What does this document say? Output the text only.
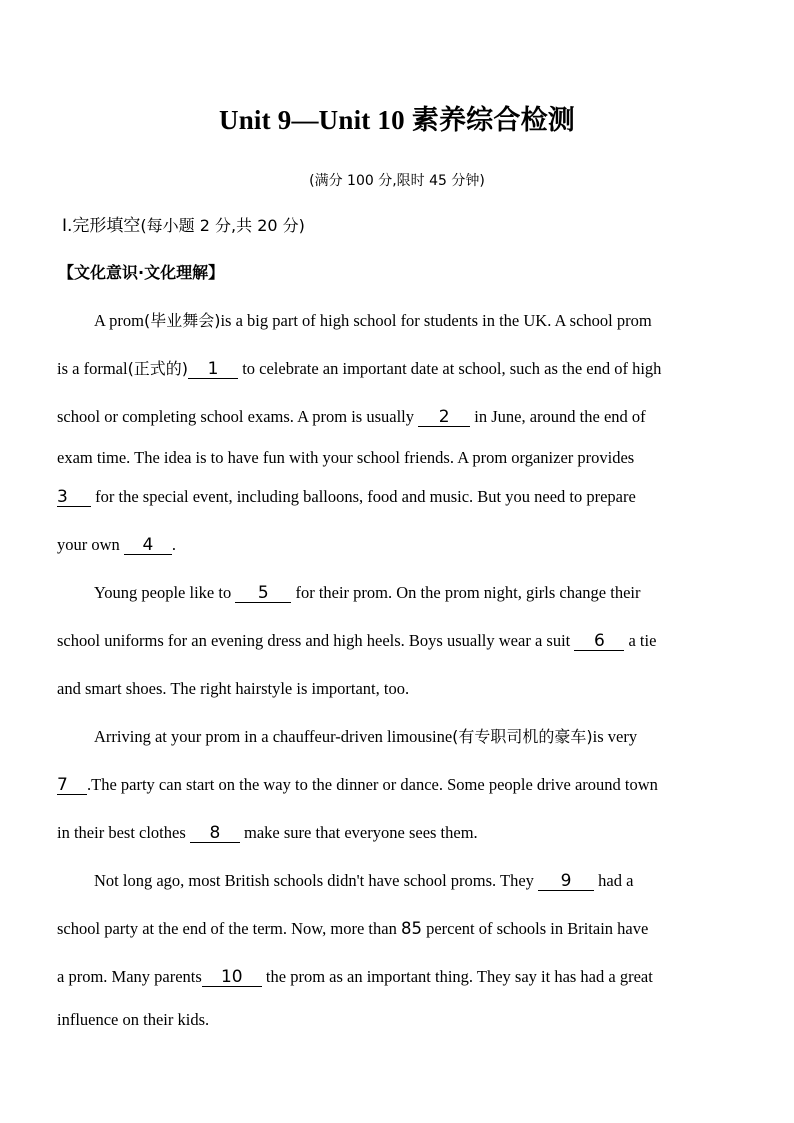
Unit 9—Unit 10 素养综合检测
(满分 100 分,限时 45 分钟)
Ⅰ.完形填空(每小题 2 分,共 20 分)
【文化意识·文化理解】
A prom(毕业舞会)is a big part of high school for students in the UK. A school prom
is a formal(正式的) 1 to celebrate an important date at school, such as the end of high
school or completing school exams. A prom is usually 2 in June, around the end of
exam time. The idea is to have fun with your school friends. A prom organizer provides
3 for the special event, including balloons, food and music. But you need to prepare
your own 4 .
Young people like to 5 for their prom. On the prom night, girls change their
school uniforms for an evening dress and high heels. Boys usually wear a suit 6 a tie
and smart shoes. The right hairstyle is important, too.
Arriving at your prom in a chauffeur-driven limousine(有专职司机的豪车)is very
7 .The party can start on the way to the dinner or dance. Some people drive around town
in their best clothes 8 make sure that everyone sees them.
Not long ago, most British schools didn't have school proms. They 9 had a
school party at the end of the term. Now, more than 85 percent of schools in Britain have
a prom. Many parents 10 the prom as an important thing. They say it has had a great
influence on their kids.
